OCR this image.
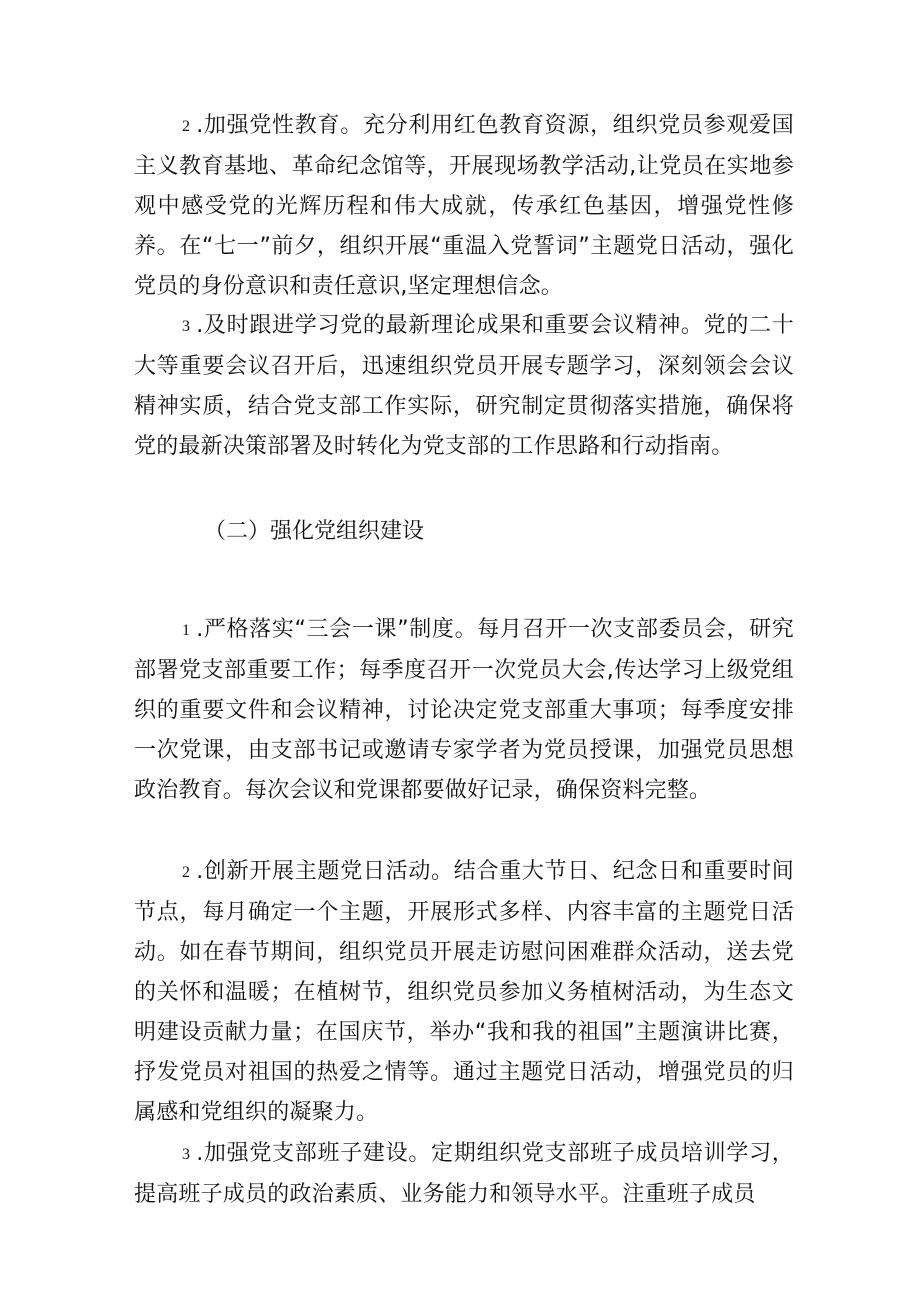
2 .加强党性教育。充分利用红色教育资源，组织党员参观爱国主义教育基地、革命纪念馆等，开展现场教学活动,让党员在实地参观中感受党的光辉历程和伟大成就，传承红色基因，增强党性修养。在“七一”前夕，组织开展“重温入党誓词”主题党日活动，强化党员的身份意识和责任意识,坚定理想信念。

3 .及时跟进学习党的最新理论成果和重要会议精神。党的二十大等重要会议召开后，迅速组织党员开展专题学习，深刻领会会议精神实质，结合党支部工作实际，研究制定贯彻落实措施，确保将党的最新决策部署及时转化为党支部的工作思路和行动指南。

（二）强化党组织建设

1 .严格落实“三会一课”制度。每月召开一次支部委员会，研究部署党支部重要工作；每季度召开一次党员大会,传达学习上级党组织的重要文件和会议精神，讨论决定党支部重大事项；每季度安排一次党课，由支部书记或邀请专家学者为党员授课，加强党员思想政治教育。每次会议和党课都要做好记录，确保资料完整。

2 .创新开展主题党日活动。结合重大节日、纪念日和重要时间节点，每月确定一个主题，开展形式多样、内容丰富的主题党日活动。如在春节期间，组织党员开展走访慰问困难群众活动，送去党的关怀和温暖；在植树节，组织党员参加义务植树活动，为生态文明建设贡献力量；在国庆节，举办“我和我的祖国”主题演讲比赛，抒发党员对祖国的热爱之情等。通过主题党日活动，增强党员的归属感和党组织的凝聚力。

3 .加强党支部班子建设。定期组织党支部班子成员培训学习，提高班子成员的政治素质、业务能力和领导水平。注重班子成员
